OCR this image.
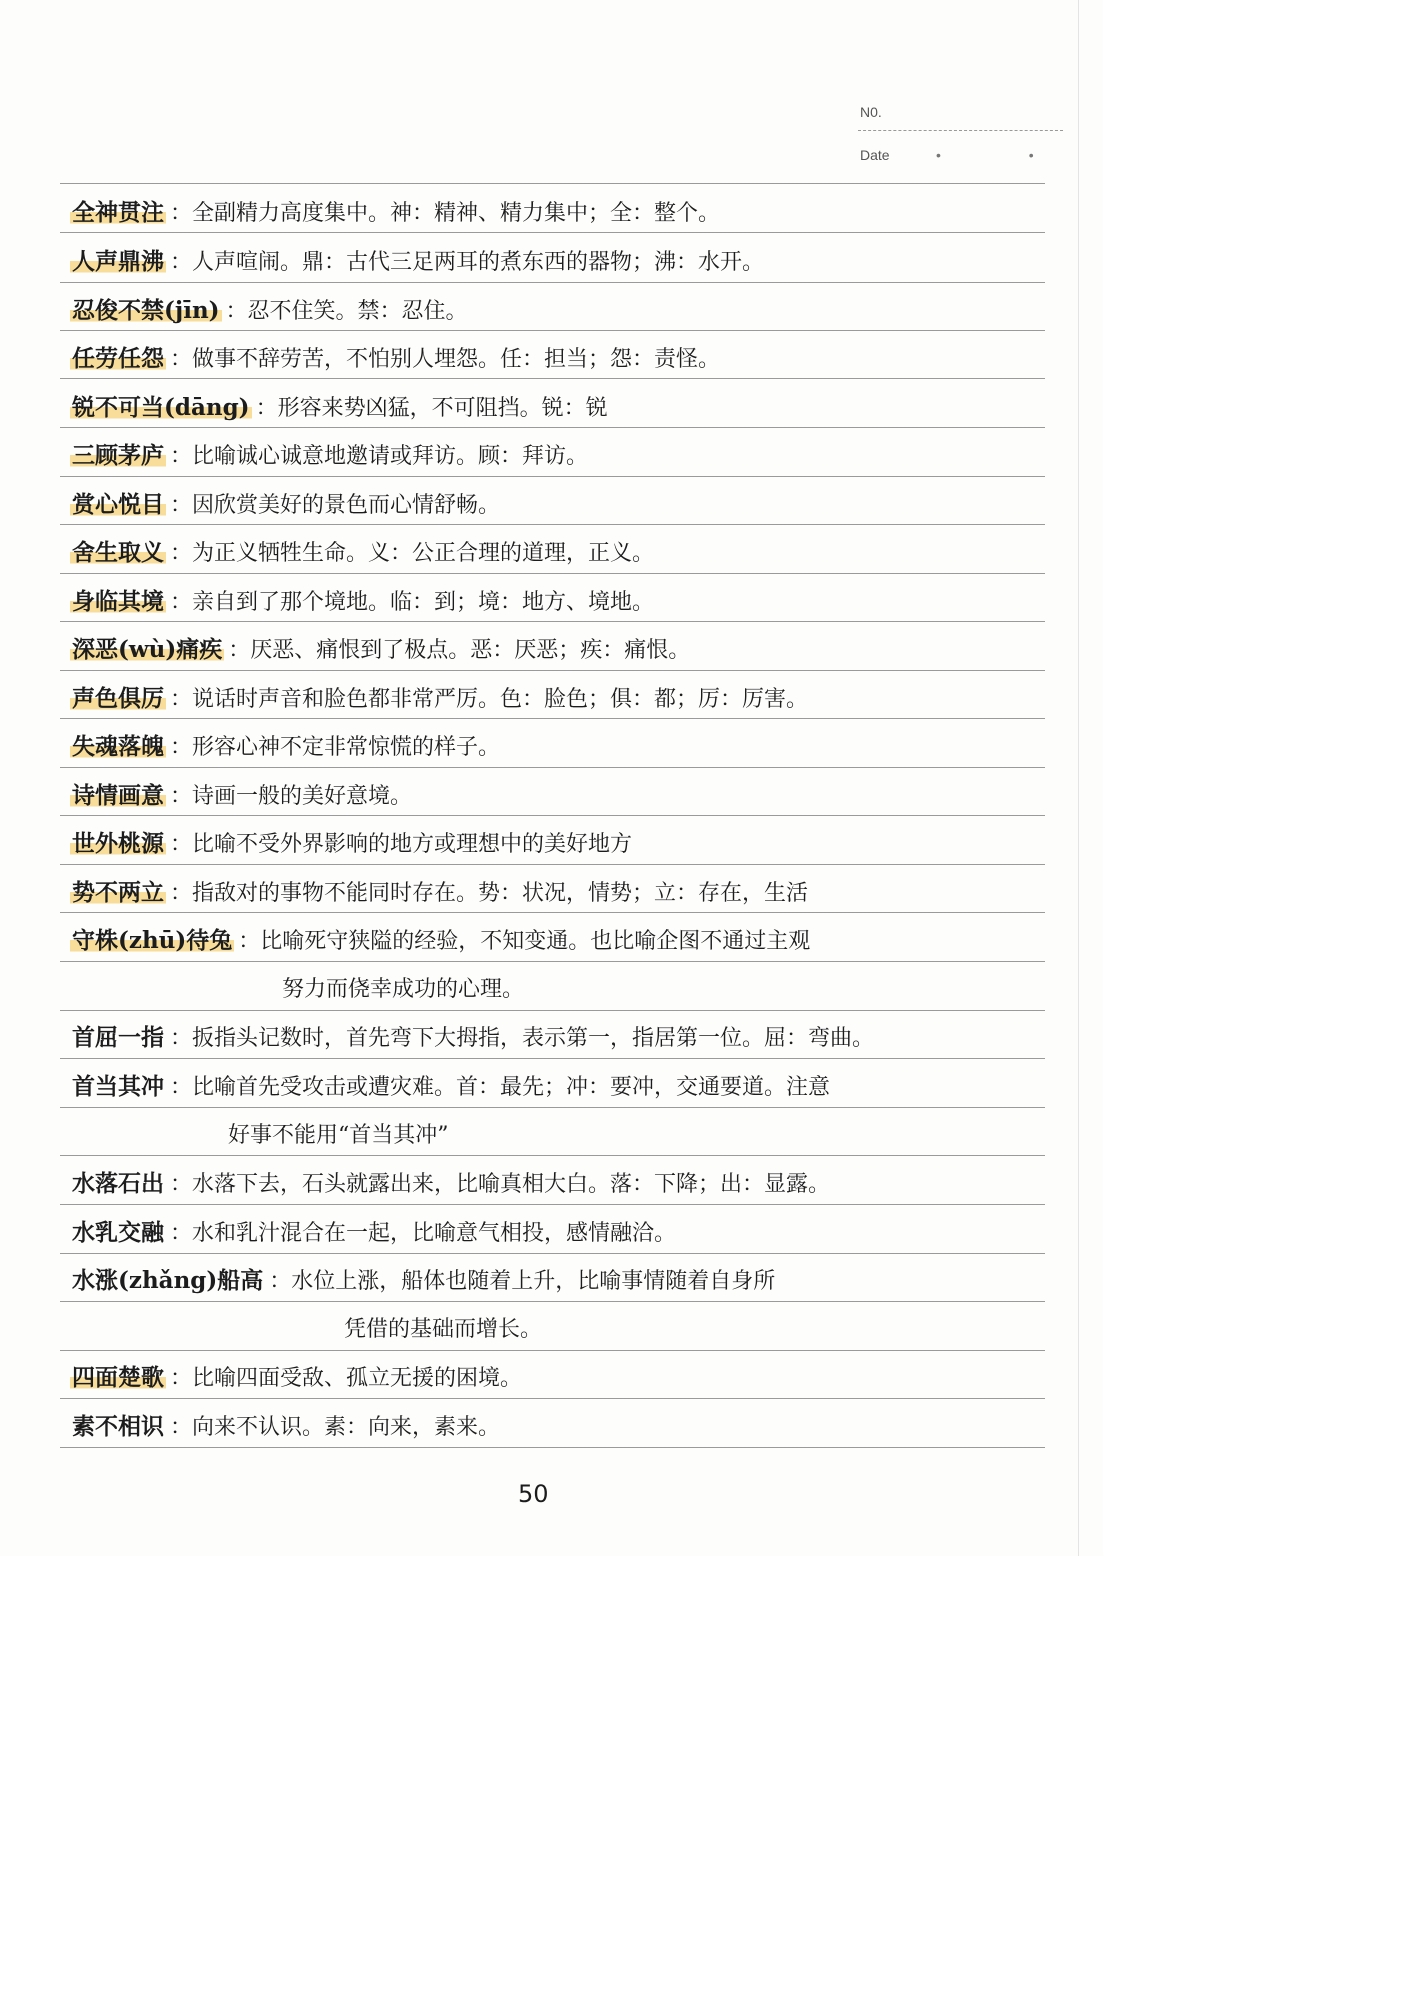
N0.
Date	• •
全神贯注 ：全副精力高度集中。神：精神、精力集中；全：整个。
人声鼎沸 ：人声喧闹。鼎：古代三足两耳的煮东西的器物；沸：水开。
忍俊不禁(jīn) ：忍不住笑。禁：忍住。
任劳任怨 ：做事不辞劳苦，不怕别人埋怨。任：担当；怨：责怪。
锐不可当(dāng) ：形容来势凶猛，不可阻挡。锐：锐
三顾茅庐 ：比喻诚心诚意地邀请或拜访。顾：拜访。
赏心悦目 ：因欣赏美好的景色而心情舒畅。
舍生取义 ：为正义牺牲生命。义：公正合理的道理，正义。
身临其境 ：亲自到了那个境地。临：到；境：地方、境地。
深恶(wù)痛疾 ：厌恶、痛恨到了极点。恶：厌恶；疾：痛恨。
声色俱厉 ：说话时声音和脸色都非常严厉。色：脸色；俱：都；厉：厉害。
失魂落魄 ：形容心神不定非常惊慌的样子。
诗情画意 ：诗画一般的美好意境。
世外桃源 ：比喻不受外界影响的地方或理想中的美好地方
势不两立 ：指敌对的事物不能同时存在。势：状况，情势；立：存在，生活
守株(zhū)待兔 ：比喻死守狭隘的经验，不知变通。也比喻企图不通过主观
努力而侥幸成功的心理。
首屈一指 ：扳指头记数时，首先弯下大拇指，表示第一，指居第一位。屈：弯曲。
首当其冲 ：比喻首先受攻击或遭灾难。首：最先；冲：要冲，交通要道。注意
好事不能用“首当其冲”
水落石出 ：水落下去，石头就露出来，比喻真相大白。落：下降；出：显露。
水乳交融 ：水和乳汁混合在一起，比喻意气相投，感情融洽。
水涨(zhǎng)船高 ：水位上涨，船体也随着上升，比喻事情随着自身所
凭借的基础而增长。
四面楚歌 ：比喻四面受敌、孤立无援的困境。
素不相识 ：向来不认识。素：向来，素来。
50
